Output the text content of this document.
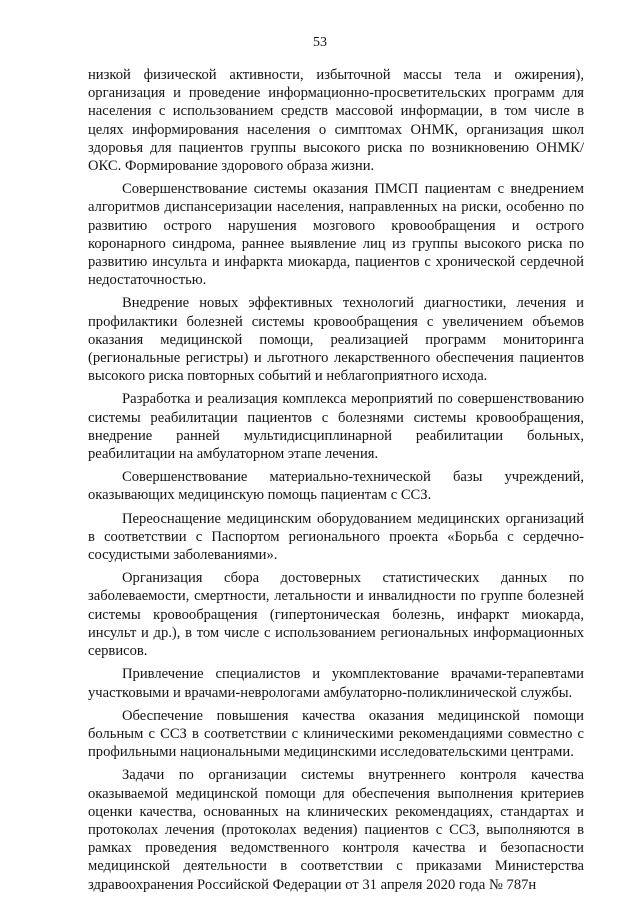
53

низкой физической активности, избыточной массы тела и ожирения), организация и проведение информационно-просветительских программ для населения с использованием средств массовой информации, в том числе в целях информирования населения о симптомах ОНМК, организация школ здоровья для пациентов группы высокого риска по возникновению ОНМК/ОКС. Формирование здорового образа жизни.

Совершенствование системы оказания ПМСП пациентам с внедрением алгоритмов диспансеризации населения, направленных на риски, особенно по развитию острого нарушения мозгового кровообращения и острого коронарного синдрома, раннее выявление лиц из группы высокого риска по развитию инсульта и инфаркта миокарда, пациентов с хронической сердечной недостаточностью.

Внедрение новых эффективных технологий диагностики, лечения и профилактики болезней системы кровообращения с увеличением объемов оказания медицинской помощи, реализацией программ мониторинга (региональные регистры) и льготного лекарственного обеспечения пациентов высокого риска повторных событий и неблагоприятного исхода.

Разработка и реализация комплекса мероприятий по совершенствованию системы реабилитации пациентов с болезнями системы кровообращения, внедрение ранней мультидисциплинарной реабилитации больных, реабилитации на амбулаторном этапе лечения.

Совершенствование материально-технической базы учреждений, оказывающих медицинскую помощь пациентам с ССЗ.

Переоснащение медицинским оборудованием медицинских организаций в соответствии с Паспортом регионального проекта «Борьба с сердечно-сосудистыми заболеваниями».

Организация сбора достоверных статистических данных по заболеваемости, смертности, летальности и инвалидности по группе болезней системы кровообращения (гипертоническая болезнь, инфаркт миокарда, инсульт и др.), в том числе с использованием региональных информационных сервисов.

Привлечение специалистов и укомплектование врачами-терапевтами участковыми и врачами-неврологами амбулаторно-поликлинической службы.

Обеспечение повышения качества оказания медицинской помощи больным с ССЗ в соответствии с клиническими рекомендациями совместно с профильными национальными медицинскими исследовательскими центрами.

Задачи по организации системы внутреннего контроля качества оказываемой медицинской помощи для обеспечения выполнения критериев оценки качества, основанных на клинических рекомендациях, стандартах и протоколах лечения (протоколах ведения) пациентов с ССЗ, выполняются в рамках проведения ведомственного контроля качества и безопасности медицинской деятельности в соответствии с приказами Министерства здравоохранения Российской Федерации от 31 апреля 2020 года № 787н
